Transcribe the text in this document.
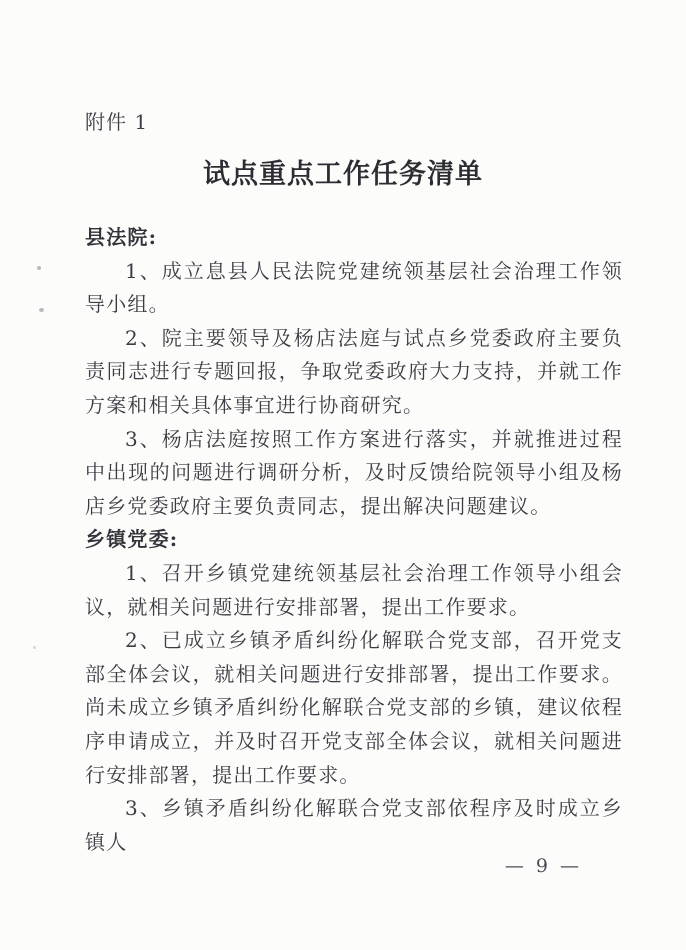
附件 1
试点重点工作任务清单

县法院:

1、成立息县人民法院党建统领基层社会治理工作领导小组。

2、院主要领导及杨店法庭与试点乡党委政府主要负责同志进行专题回报，争取党委政府大力支持，并就工作方案和相关具体事宜进行协商研究。

3、杨店法庭按照工作方案进行落实，并就推进过程中出现的问题进行调研分析，及时反馈给院领导小组及杨店乡党委政府主要负责同志，提出解决问题建议。

乡镇党委:

1、召开乡镇党建统领基层社会治理工作领导小组会议，就相关问题进行安排部署，提出工作要求。

2、已成立乡镇矛盾纠纷化解联合党支部，召开党支部全体会议，就相关问题进行安排部署，提出工作要求。尚未成立乡镇矛盾纠纷化解联合党支部的乡镇，建议依程序申请成立，并及时召开党支部全体会议，就相关问题进行安排部署，提出工作要求。

3、乡镇矛盾纠纷化解联合党支部依程序及时成立乡镇人

— 9 —
